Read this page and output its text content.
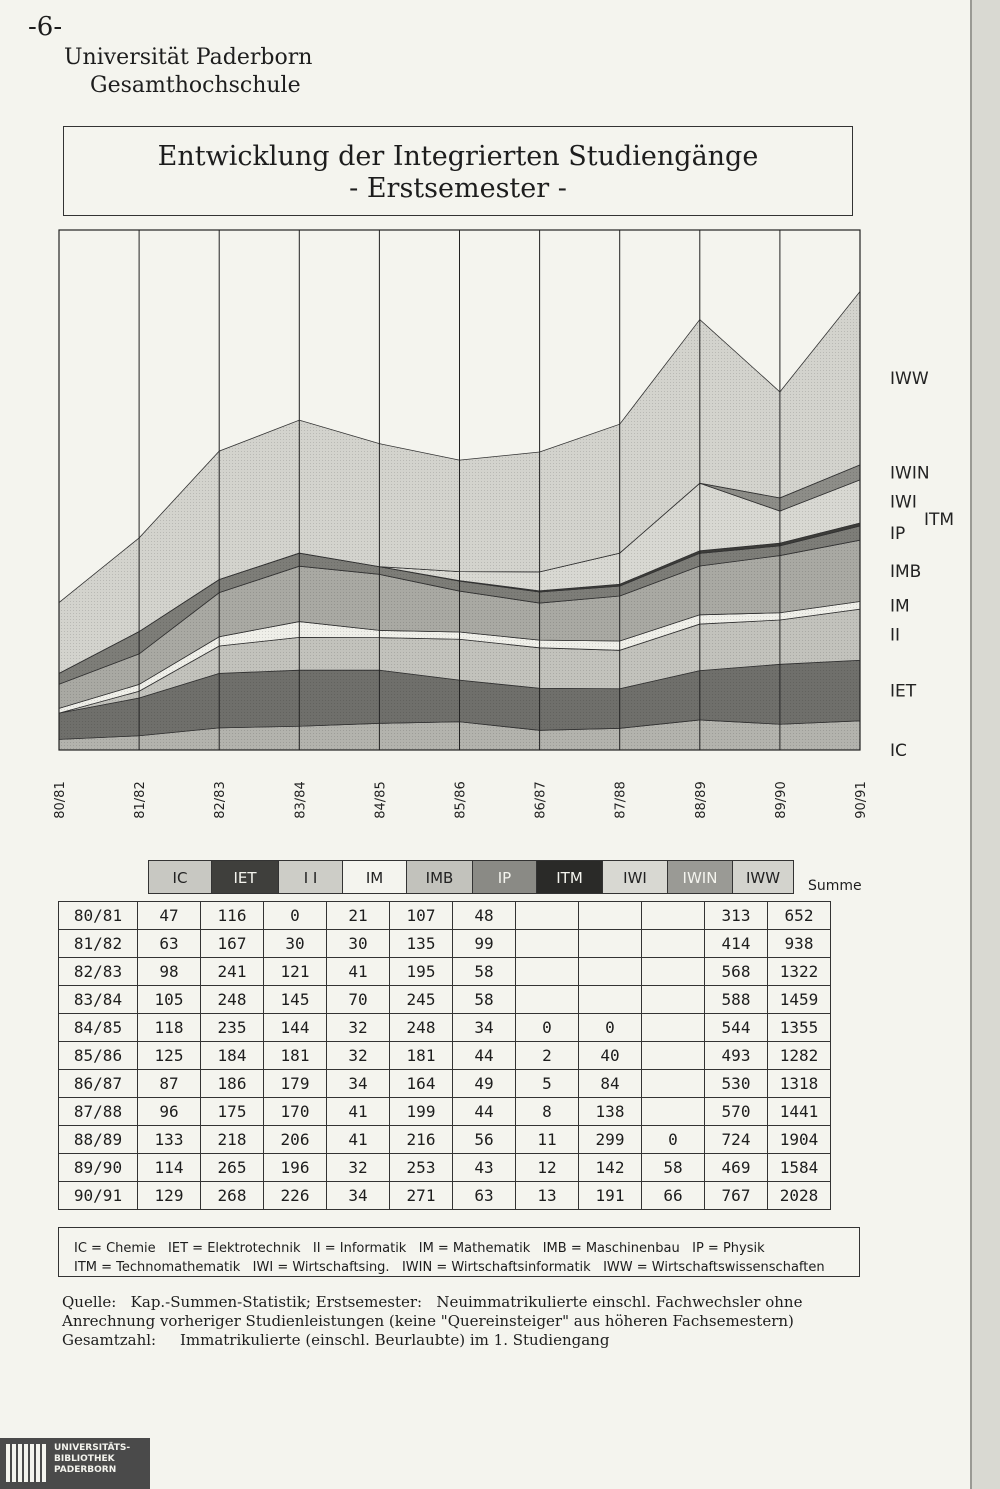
-6-
Universität Paderborn
Gesamthochschule
Entwicklung der Integrierten Studiengänge
- Erstsemester -
IC
IET
II
IM
IMB
IP
ITM
IWI
IWIN
IWW
80/81	81/82	82/83	83/84	84/85	85/86	86/87	87/88	88/89	89/90	90/91
IC	IET	I I	IM	IMB	IP	ITM	IWI	IWIN	IWW	Summe
80/81	47	116	0	21	107	48				313	652
81/82	63	167	30	30	135	99				414	938
82/83	98	241	121	41	195	58				568	1322
83/84	105	248	145	70	245	58				588	1459
84/85	118	235	144	32	248	34	0	0		544	1355
85/86	125	184	181	32	181	44	2	40		493	1282
86/87	87	186	179	34	164	49	5	84		530	1318
87/88	96	175	170	41	199	44	8	138		570	1441
88/89	133	218	206	41	216	56	11	299	0	724	1904
89/90	114	265	196	32	253	43	12	142	58	469	1584
90/91	129	268	226	34	271	63	13	191	66	767	2028
IC = Chemie   IET = Elektrotechnik   II = Informatik   IM = Mathematik   IMB = Maschinenbau   IP = Physik
ITM = Technomathematik   IWI = Wirtschaftsing.   IWIN = Wirtschaftsinformatik   IWW = Wirtschaftswissenschaften
Quelle:   Kap.-Summen-Statistik; Erstsemester:   Neuimmatrikulierte einschl. Fachwechsler ohne
Anrechnung vorheriger Studienleistungen (keine "Quereinsteiger" aus höheren Fachsemestern)
Gesamtzahl:     Immatrikulierte (einschl. Beurlaubte) im 1. Studiengang
UNIVERSITÄTS-
BIBLIOTHEK
PADERBORN
